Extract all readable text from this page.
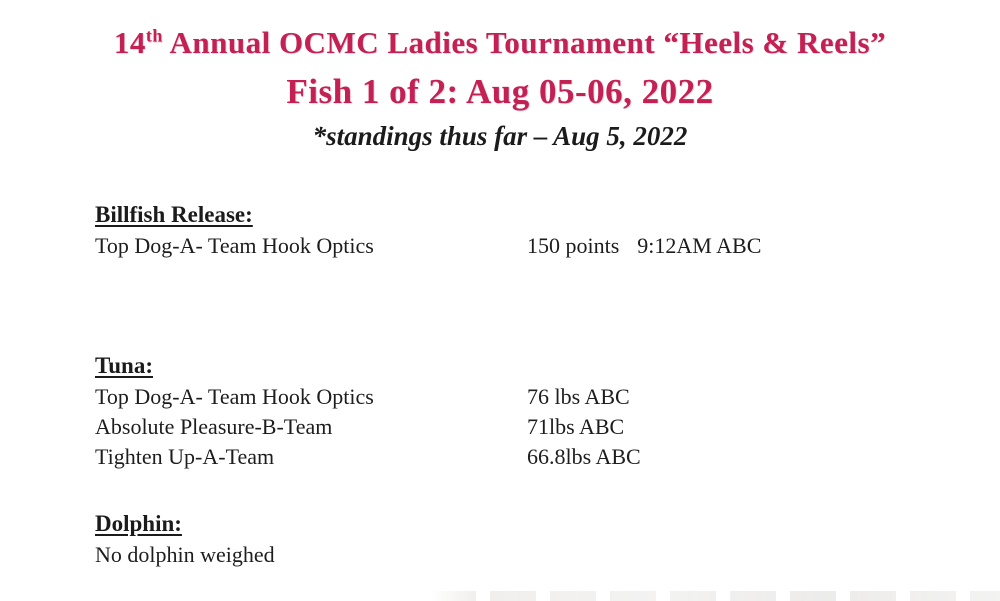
14th Annual OCMC Ladies Tournament “Heels & Reels”
Fish 1 of 2: Aug 05-06, 2022
*standings thus far – Aug 5, 2022
Billfish Release:
Top Dog-A- Team Hook Optics	150 points 9:12AM ABC
Tuna:
Top Dog-A- Team Hook Optics	76 lbs ABC
Absolute Pleasure-B-Team	71lbs ABC
Tighten Up-A-Team	66.8lbs ABC
Dolphin:
No dolphin weighed
